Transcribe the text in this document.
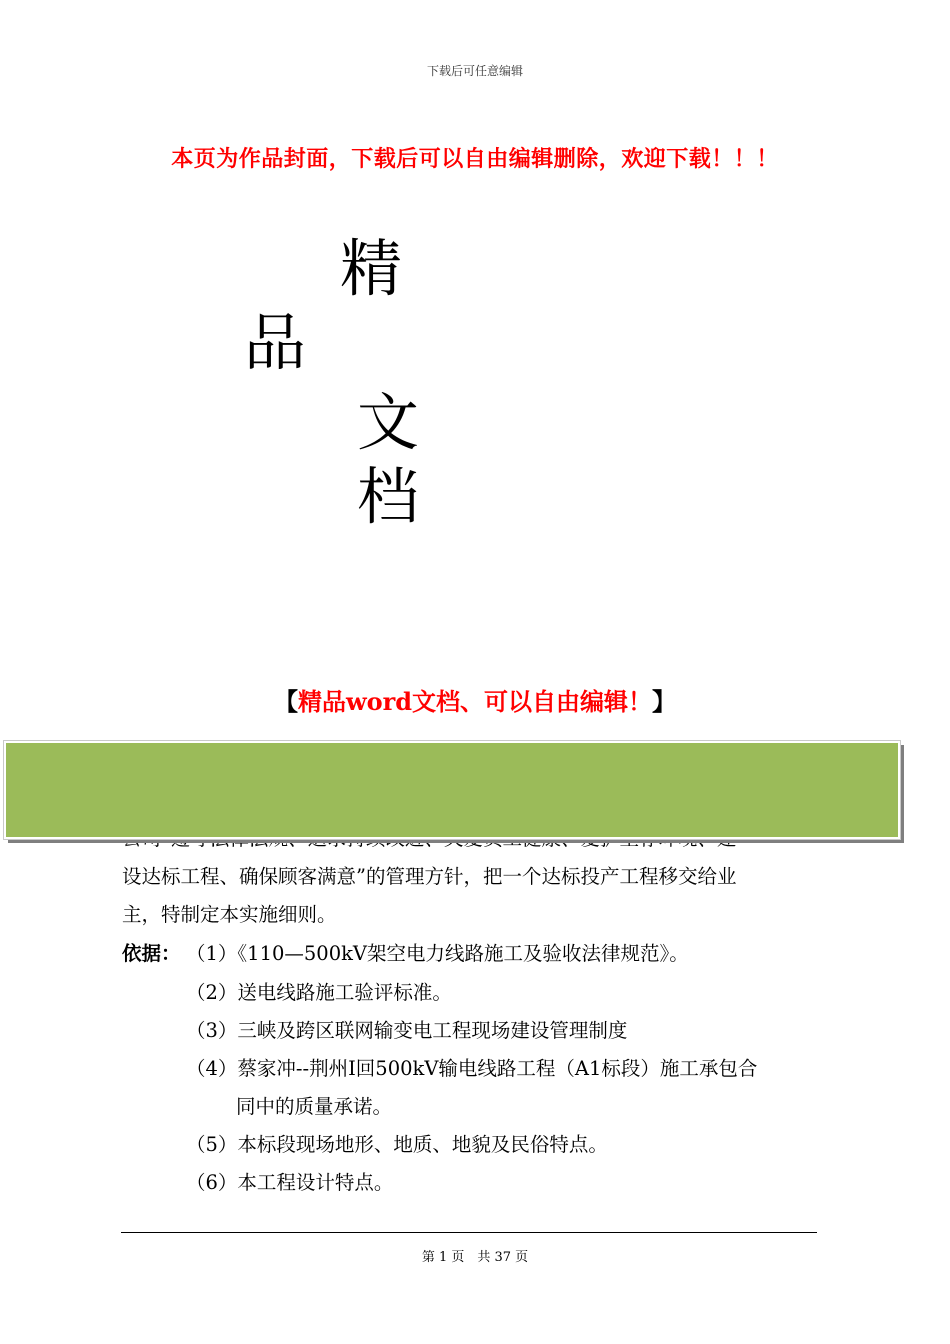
下载后可任意编辑
本页为作品封面，下载后可以自由编辑删除，欢迎下载！！！
精
品
文
档
【精品word文档、可以自由编辑！】
设达标工程、确保顾客满意”的管理方针，把一个达标投产工程移交给业
主，特制定本实施细则。
依据： （1）《110—500kV架空电力线路施工及验收法律规范》。
（2）送电线路施工验评标准。
（3）三峡及跨区联网输变电工程现场建设管理制度
（4）蔡家冲--荆州Ⅰ回500kV输电线路工程（A1标段）施工承包合
同中的质量承诺。
（5）本标段现场地形、地质、地貌及民俗特点。
（6）本工程设计特点。
第 1 页　共 37 页
